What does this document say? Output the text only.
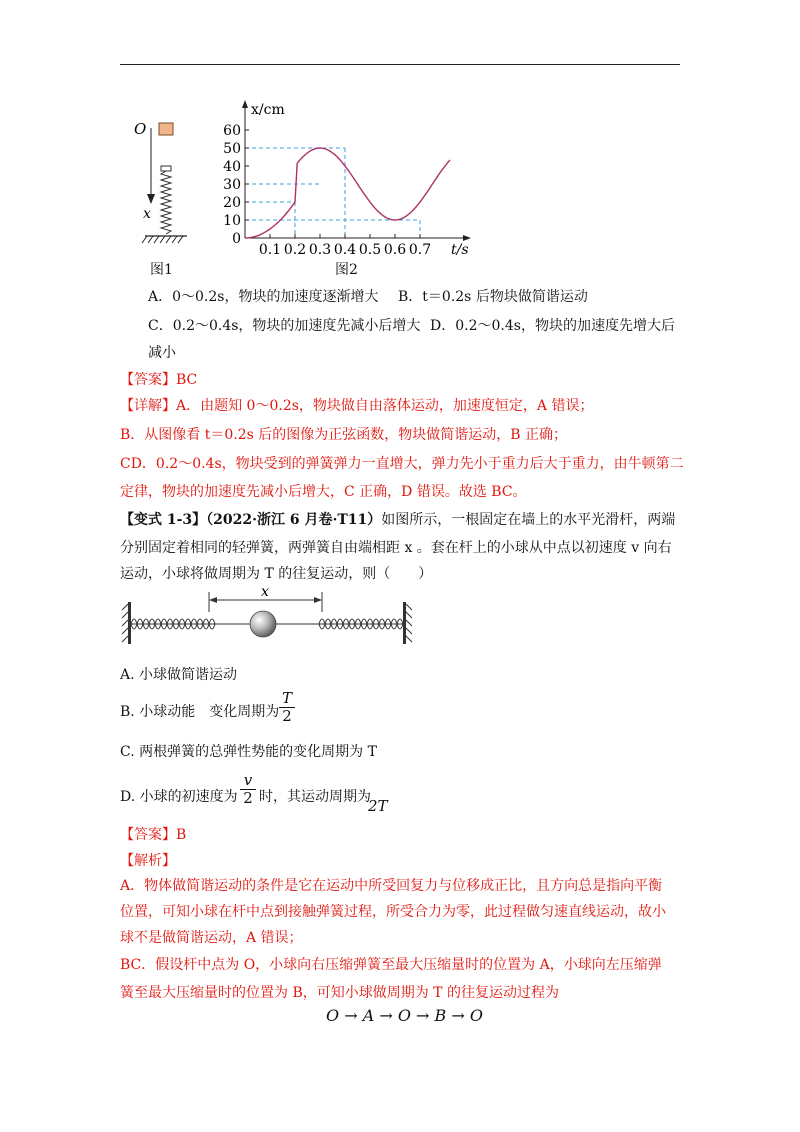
O
x
图1
x/cm
t/s
60
50
40
30
20
10
0
0.1 0.2 0.3 0.4 0.5 0.6 0.7
图2
A．0～0.2s，物块的加速度逐渐增大 B．t＝0.2s 后物块做简谐运动
C．0.2～0.4s，物块的加速度先减小后增大 D．0.2～0.4s，物块的加速度先增大后
减小
【答案】BC
【详解】A．由题知 0～0.2s，物块做自由落体运动，加速度恒定，A 错误；
B．从图像看 t＝0.2s 后的图像为正弦函数，物块做简谐运动，B 正确；
CD．0.2～0.4s，物块受到的弹簧弹力一直增大，弹力先小于重力后大于重力，由牛顿第二
定律，物块的加速度先减小后增大，C 正确，D 错误。故选 BC。
【变式 1-3】（2022·浙江 6 月卷·T11）如图所示，一根固定在墙上的水平光滑杆，两端
分别固定着相同的轻弹簧，两弹簧自由端相距 x 。套在杆上的小球从中点以初速度 v 向右
运动，小球将做周期为 T 的往复运动，则（　　）
x
A. 小球做简谐运动
B. 小球动能　变化周期为 $\frac{T}{2}$
C. 两根弹簧的总弹性势能的变化周期为 T
D. 小球的初速度为 $\frac{v}{2}$ 时，其运动周期为
2T
【答案】B
【解析】
A．物体做简谐运动的条件是它在运动中所受回复力与位移成正比，且方向总是指向平衡
位置，可知小球在杆中点到接触弹簧过程，所受合力为零，此过程做匀速直线运动，故小
球不是做简谐运动，A 错误；
BC．假设杆中点为 O，小球向右压缩弹簧至最大压缩量时的位置为 A，小球向左压缩弹
簧至最大压缩量时的位置为 B，可知小球做周期为 T 的往复运动过程为
O → A → O → B → O
